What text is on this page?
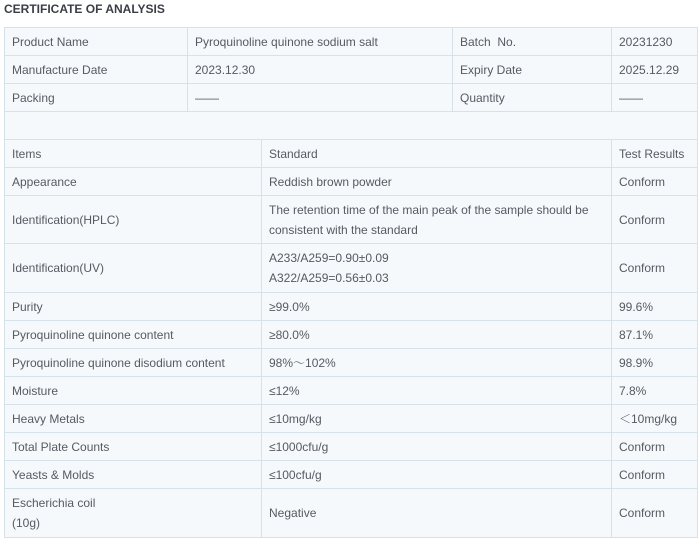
CERTIFICATE OF ANALYSIS
Product Name	Pyroquinoline quinone sodium salt	Batch  No.	20231230
Manufacture Date	2023.12.30	Expiry Date	2025.12.29
Packing	——	Quantity	——

Items	Standard	Test Results
Appearance	Reddish brown powder	Conform
Identification(HPLC)	The retention time of the main peak of the sample should be
consistent with the standard	Conform
Identification(UV)	A233/A259=0.90±0.09
A322/A259=0.56±0.03	Conform
Purity	≥99.0%	99.6%
Pyroquinoline quinone content	≥80.0%	87.1%
Pyroquinoline quinone disodium content	98%～102%	98.9%
Moisture	≤12%	7.8%
Heavy Metals	≤10mg/kg	＜10mg/kg
Total Plate Counts	≤1000cfu/g	Conform
Yeasts & Molds	≤100cfu/g	Conform

Escherichia coil
(10g)	Negative	Conform
